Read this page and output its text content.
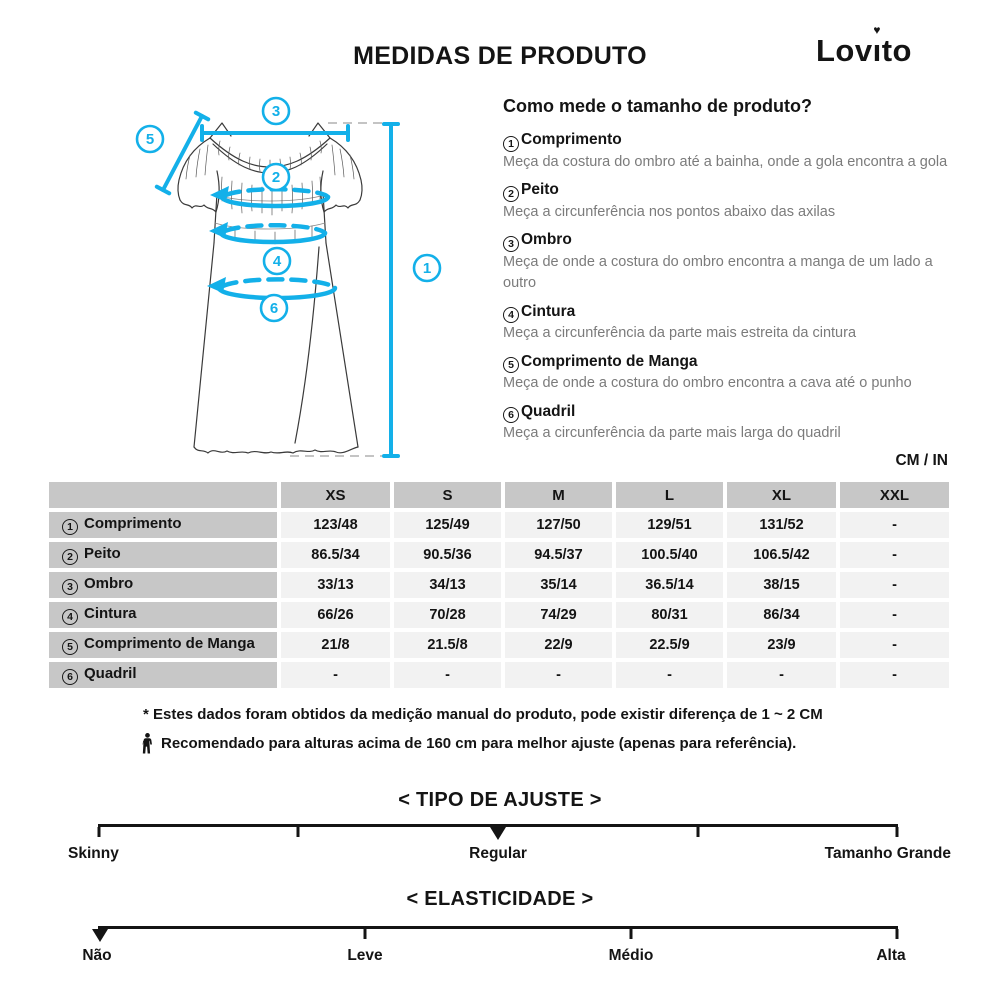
MEDIDAS DE PRODUTO	Lovı
♥
to
3
5
2
4
6
1
Como mede o tamanho de produto?
1 Comprimento
Meça da costura do ombro até a bainha, onde a gola encontra a gola
2 Peito
Meça a circunferência nos pontos abaixo das axilas
3 Ombro
Meça de onde a costura do ombro encontra a manga de um lado a outro
4 Cintura
Meça a circunferência da parte mais estreita da cintura
5 Comprimento de Manga
Meça de onde a costura do ombro encontra a cava até o punho
6 Quadril
Meça a circunferência da parte mais larga do quadril
CM / IN
	XS	S	M	L	XL	XXL
1 Comprimento	123/48	125/49	127/50	129/51	131/52	-
2 Peito	86.5/34	90.5/36	94.5/37	100.5/40	106.5/42	-
3 Ombro	33/13	34/13	35/14	36.5/14	38/15	-
4 Cintura	66/26	70/28	74/29	80/31	86/34	-
5 Comprimento de Manga	21/8	21.5/8	22/9	22.5/9	23/9	-
6 Quadril	-	-	-	-	-	-
* Estes dados foram obtidos da medição manual do produto, pode existir diferença de 1 ~ 2 CM
Recomendado para alturas acima de 160 cm para melhor ajuste (apenas para referência).
< TIPO DE AJUSTE >
Skinny	Regular	Tamanho Grande
< ELASTICIDADE >
Não	Leve	Médio	Alta
